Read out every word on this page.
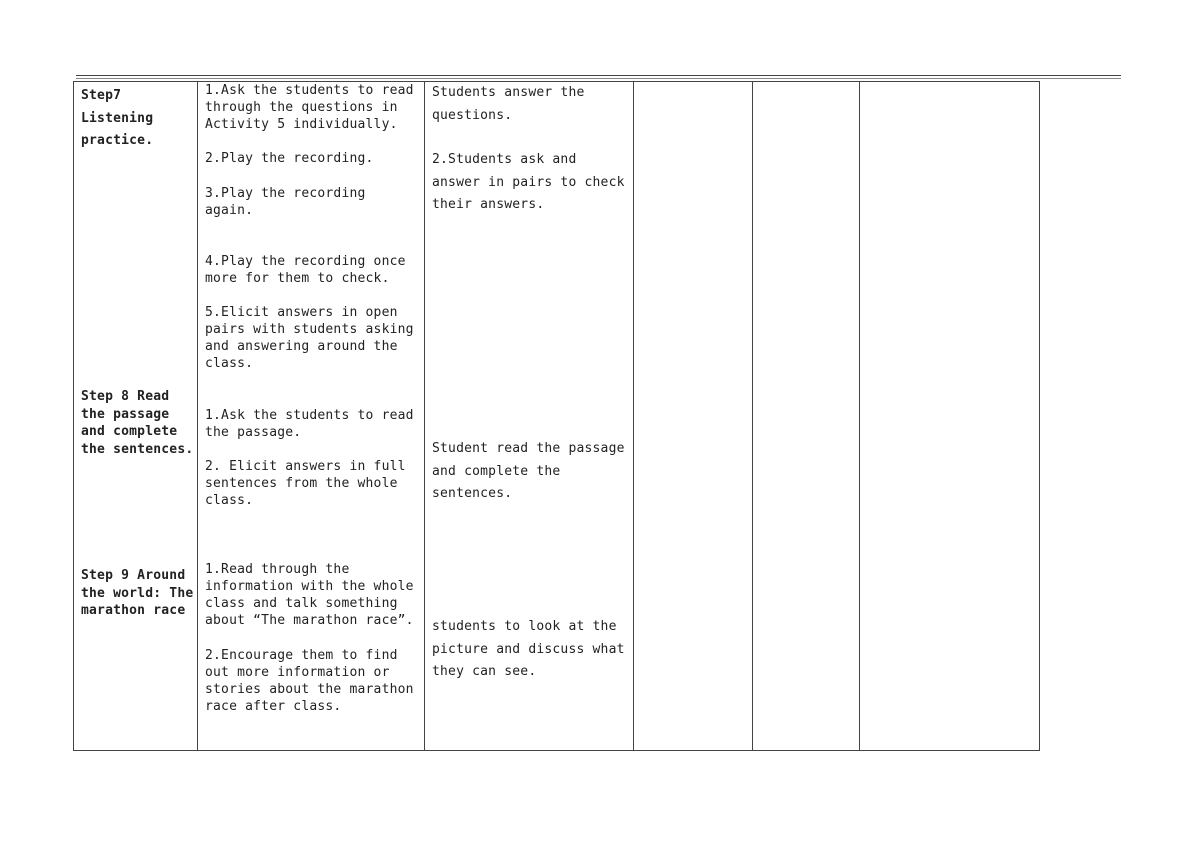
Step7
Listening
practice.
1.Ask the students to read through the questions in Activity 5 individually.
2.Play the recording.
3.Play the recording again.
4.Play the recording once more for them to check.
5.Elicit answers in open pairs with students asking and answering around the class.
Students answer the questions.
2.Students ask and answer in pairs to check their answers.
Step 8 Read the passage and complete the sentences.
1.Ask the students to read the passage.
2. Elicit answers in full sentences from the whole class.
Student read the passage and complete the sentences.
Step 9 Around the world: The marathon race
1.Read through the information with the whole class and talk something about “The marathon race”.
2.Encourage them to find out more information or stories about the marathon race after class.
students to look at the picture and discuss what they can see.
